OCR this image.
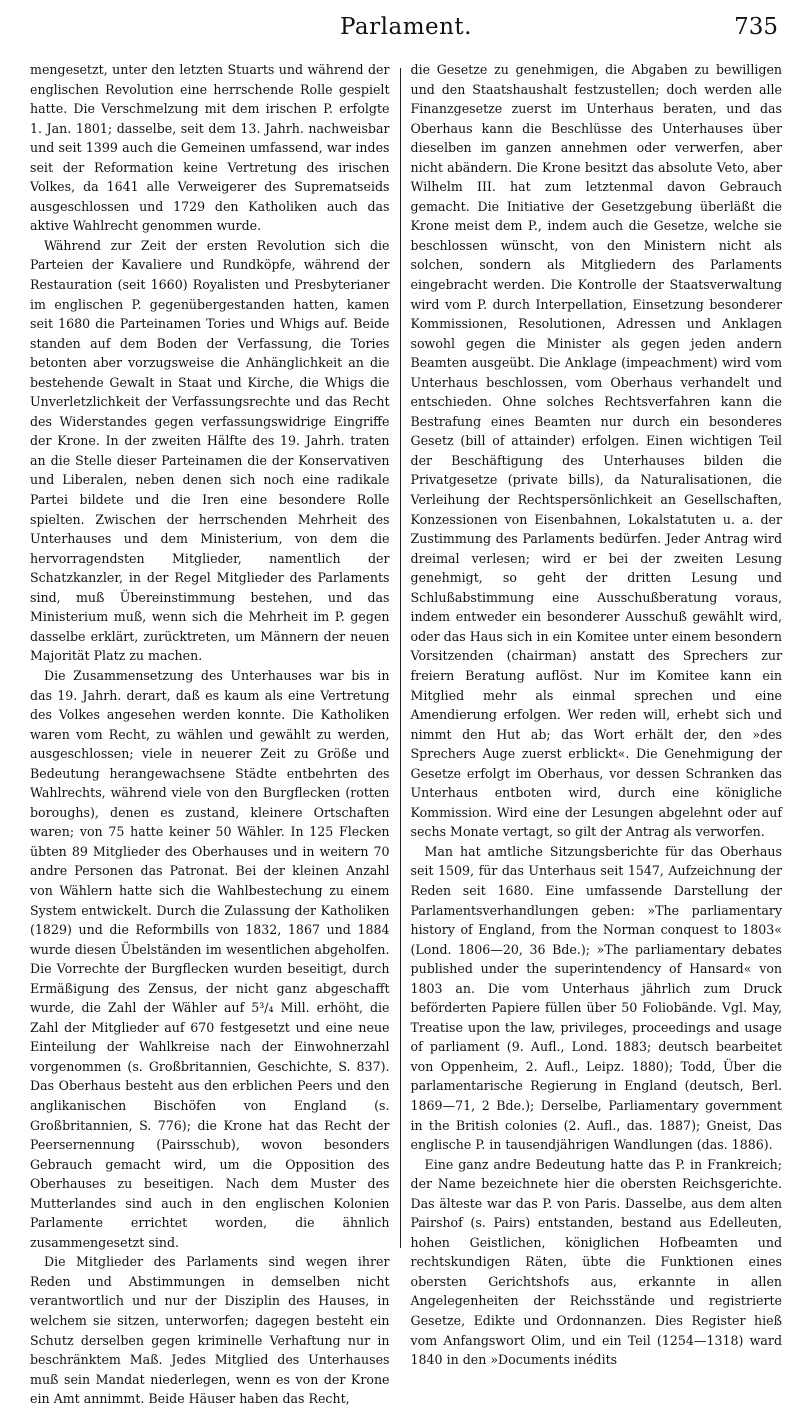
Parlament.	735

mengesetzt, unter den letzten Stuarts und während der englischen Revolution eine herrschende Rolle gespielt hatte. Die Verschmelzung mit dem irischen P. erfolgte 1. Jan. 1801; dasselbe, seit dem 13. Jahrh. nachweisbar und seit 1399 auch die Gemeinen umfassend, war indes seit der Reformation keine Vertretung des irischen Volkes, da 1641 alle Verweigerer des Suprematseids ausgeschlossen und 1729 den Katholiken auch das aktive Wahlrecht genommen wurde.

Während zur Zeit der ersten Revolution sich die Parteien der Kavaliere und Rundköpfe, während der Restauration (seit 1660) Royalisten und Presbyterianer im englischen P. gegenübergestanden hatten, kamen seit 1680 die Parteinamen Tories und Whigs auf. Beide standen auf dem Boden der Verfassung, die Tories betonten aber vorzugsweise die Anhänglichkeit an die bestehende Gewalt in Staat und Kirche, die Whigs die Unverletzlichkeit der Verfassungsrechte und das Recht des Widerstandes gegen verfassungswidrige Eingriffe der Krone. In der zweiten Hälfte des 19. Jahrh. traten an die Stelle dieser Parteinamen die der Konservativen und Liberalen, neben denen sich noch eine radikale Partei bildete und die Iren eine besondere Rolle spielten. Zwischen der herrschenden Mehrheit des Unterhauses und dem Ministerium, von dem die hervorragendsten Mitglieder, namentlich der Schatzkanzler, in der Regel Mitglieder des Parlaments sind, muß Übereinstimmung bestehen, und das Ministerium muß, wenn sich die Mehrheit im P. gegen dasselbe erklärt, zurücktreten, um Männern der neuen Majorität Platz zu machen.

Die Zusammensetzung des Unterhauses war bis in das 19. Jahrh. derart, daß es kaum als eine Vertretung des Volkes angesehen werden konnte. Die Katholiken waren vom Recht, zu wählen und gewählt zu werden, ausgeschlossen; viele in neuerer Zeit zu Größe und Bedeutung herangewachsene Städte entbehrten des Wahlrechts, während viele von den Burgflecken (rotten boroughs), denen es zustand, kleinere Ortschaften waren; von 75 hatte keiner 50 Wähler. In 125 Flecken übten 89 Mitglieder des Oberhauses und in weitern 70 andre Personen das Patronat. Bei der kleinen Anzahl von Wählern hatte sich die Wahlbestechung zu einem System entwickelt. Durch die Zulassung der Katholiken (1829) und die Reformbills von 1832, 1867 und 1884 wurde diesen Übelständen im wesentlichen abgeholfen. Die Vorrechte der Burgflecken wurden beseitigt, durch Ermäßigung des Zensus, der nicht ganz abgeschafft wurde, die Zahl der Wähler auf 5³/₄ Mill. erhöht, die Zahl der Mitglieder auf 670 festgesetzt und eine neue Einteilung der Wahlkreise nach der Einwohnerzahl vorgenommen (s. Großbritannien, Geschichte, S. 837). Das Oberhaus besteht aus den erblichen Peers und den anglikanischen Bischöfen von England (s. Großbritannien, S. 776); die Krone hat das Recht der Peersernennung (Pairsschub), wovon besonders Gebrauch gemacht wird, um die Opposition des Oberhauses zu beseitigen. Nach dem Muster des Mutterlandes sind auch in den englischen Kolonien Parlamente errichtet worden, die ähnlich zusammengesetzt sind.

Die Mitglieder des Parlaments sind wegen ihrer Reden und Abstimmungen in demselben nicht verantwortlich und nur der Disziplin des Hauses, in welchem sie sitzen, unterworfen; dagegen besteht ein Schutz derselben gegen kriminelle Verhaftung nur in beschränktem Maß. Jedes Mitglied des Unterhauses muß sein Mandat niederlegen, wenn es von der Krone ein Amt annimmt. Beide Häuser haben das Recht,

die Gesetze zu genehmigen, die Abgaben zu bewilligen und den Staatshaushalt festzustellen; doch werden alle Finanzgesetze zuerst im Unterhaus beraten, und das Oberhaus kann die Beschlüsse des Unterhauses über dieselben im ganzen annehmen oder verwerfen, aber nicht abändern. Die Krone besitzt das absolute Veto, aber Wilhelm III. hat zum letztenmal davon Gebrauch gemacht. Die Initiative der Gesetzgebung überläßt die Krone meist dem P., indem auch die Gesetze, welche sie beschlossen wünscht, von den Ministern nicht als solchen, sondern als Mitgliedern des Parlaments eingebracht werden. Die Kontrolle der Staatsverwaltung wird vom P. durch Interpellation, Einsetzung besonderer Kommissionen, Resolutionen, Adressen und Anklagen sowohl gegen die Minister als gegen jeden andern Beamten ausgeübt. Die Anklage (impeachment) wird vom Unterhaus beschlossen, vom Oberhaus verhandelt und entschieden. Ohne solches Rechtsverfahren kann die Bestrafung eines Beamten nur durch ein besonderes Gesetz (bill of attainder) erfolgen. Einen wichtigen Teil der Beschäftigung des Unterhauses bilden die Privatgesetze (private bills), da Naturalisationen, die Verleihung der Rechtspersönlichkeit an Gesellschaften, Konzessionen von Eisenbahnen, Lokalstatuten u. a. der Zustimmung des Parlaments bedürfen. Jeder Antrag wird dreimal verlesen; wird er bei der zweiten Lesung genehmigt, so geht der dritten Lesung und Schlußabstimmung eine Ausschußberatung voraus, indem entweder ein besonderer Ausschuß gewählt wird, oder das Haus sich in ein Komitee unter einem besondern Vorsitzenden (chairman) anstatt des Sprechers zur freiern Beratung auflöst. Nur im Komitee kann ein Mitglied mehr als einmal sprechen und eine Amendierung erfolgen. Wer reden will, erhebt sich und nimmt den Hut ab; das Wort erhält der, den »des Sprechers Auge zuerst erblickt«. Die Genehmigung der Gesetze erfolgt im Oberhaus, vor dessen Schranken das Unterhaus entboten wird, durch eine königliche Kommission. Wird eine der Lesungen abgelehnt oder auf sechs Monate vertagt, so gilt der Antrag als verworfen.

Man hat amtliche Sitzungsberichte für das Oberhaus seit 1509, für das Unterhaus seit 1547, Aufzeichnung der Reden seit 1680. Eine umfassende Darstellung der Parlamentsverhandlungen geben: »The parliamentary history of England, from the Norman conquest to 1803« (Lond. 1806—20, 36 Bde.); »The parliamentary debates published under the superintendency of Hansard« von 1803 an. Die vom Unterhaus jährlich zum Druck beförderten Papiere füllen über 50 Foliobände. Vgl. May, Treatise upon the law, privileges, proceedings and usage of parliament (9. Aufl., Lond. 1883; deutsch bearbeitet von Oppenheim, 2. Aufl., Leipz. 1880); Todd, Über die parlamentarische Regierung in England (deutsch, Berl. 1869—71, 2 Bde.); Derselbe, Parliamentary government in the British colonies (2. Aufl., das. 1887); Gneist, Das englische P. in tausendjährigen Wandlungen (das. 1886).

Eine ganz andre Bedeutung hatte das P. in Frankreich; der Name bezeichnete hier die obersten Reichsgerichte. Das älteste war das P. von Paris. Dasselbe, aus dem alten Pairshof (s. Pairs) entstanden, bestand aus Edelleuten, hohen Geistlichen, königlichen Hofbeamten und rechtskundigen Räten, übte die Funktionen eines obersten Gerichtshofs aus, erkannte in allen Angelegenheiten der Reichsstände und registrierte Gesetze, Edikte und Ordonnanzen. Dies Register hieß vom Anfangswort Olim, und ein Teil (1254—1318) ward 1840 in den »Documents inédits
